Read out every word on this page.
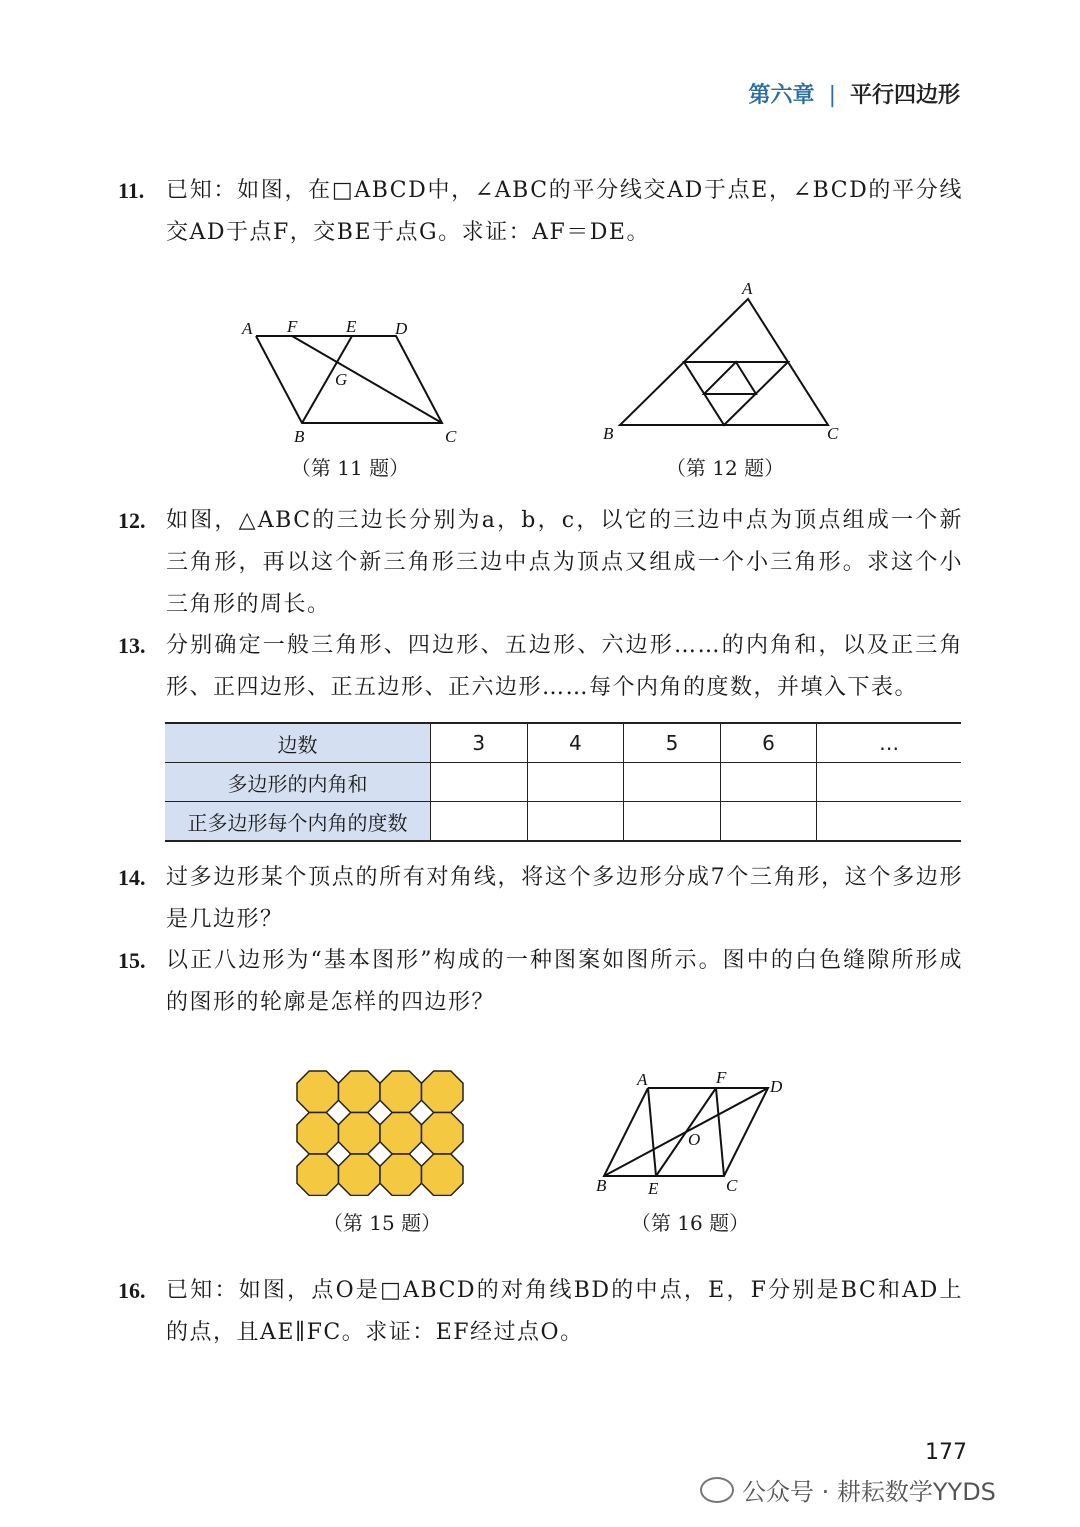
第六章 | 平行四边形
11. 已知：如图，在□ABCD中，∠ABC的平分线交AD于点E，∠BCD的平分线交AD于点F，交BE于点G。求证：AF＝DE。
A F	E D
G
B	C
（第 11 题）
A
B	C
（第 12 题）
12. 如图，△ABC的三边长分别为a，b，c，以它的三边中点为顶点组成一个新三角形，再以这个新三角形三边中点为顶点又组成一个小三角形。求这个小三角形的周长。
13. 分别确定一般三角形、四边形、五边形、六边形……的内角和，以及正三角形、正四边形、正五边形、正六边形……每个内角的度数，并填入下表。
边数	3	4	5	6	…
多边形的内角和					
正多边形每个内角的度数					
14. 过多边形某个顶点的所有对角线，将这个多边形分成7个三角形，这个多边形是几边形？
15. 以正八边形为“基本图形”构成的一种图案如图所示。图中的白色缝隙所形成的图形的轮廓是怎样的四边形？
（第 15 题）
A	F	D
O
B E	C
（第 16 题）
16. 已知：如图，点O是□ABCD的对角线BD的中点，E，F分别是BC和AD上的点，且AE∥FC。求证：EF经过点O。
177
公众号 · 耕耘数学YYDS
